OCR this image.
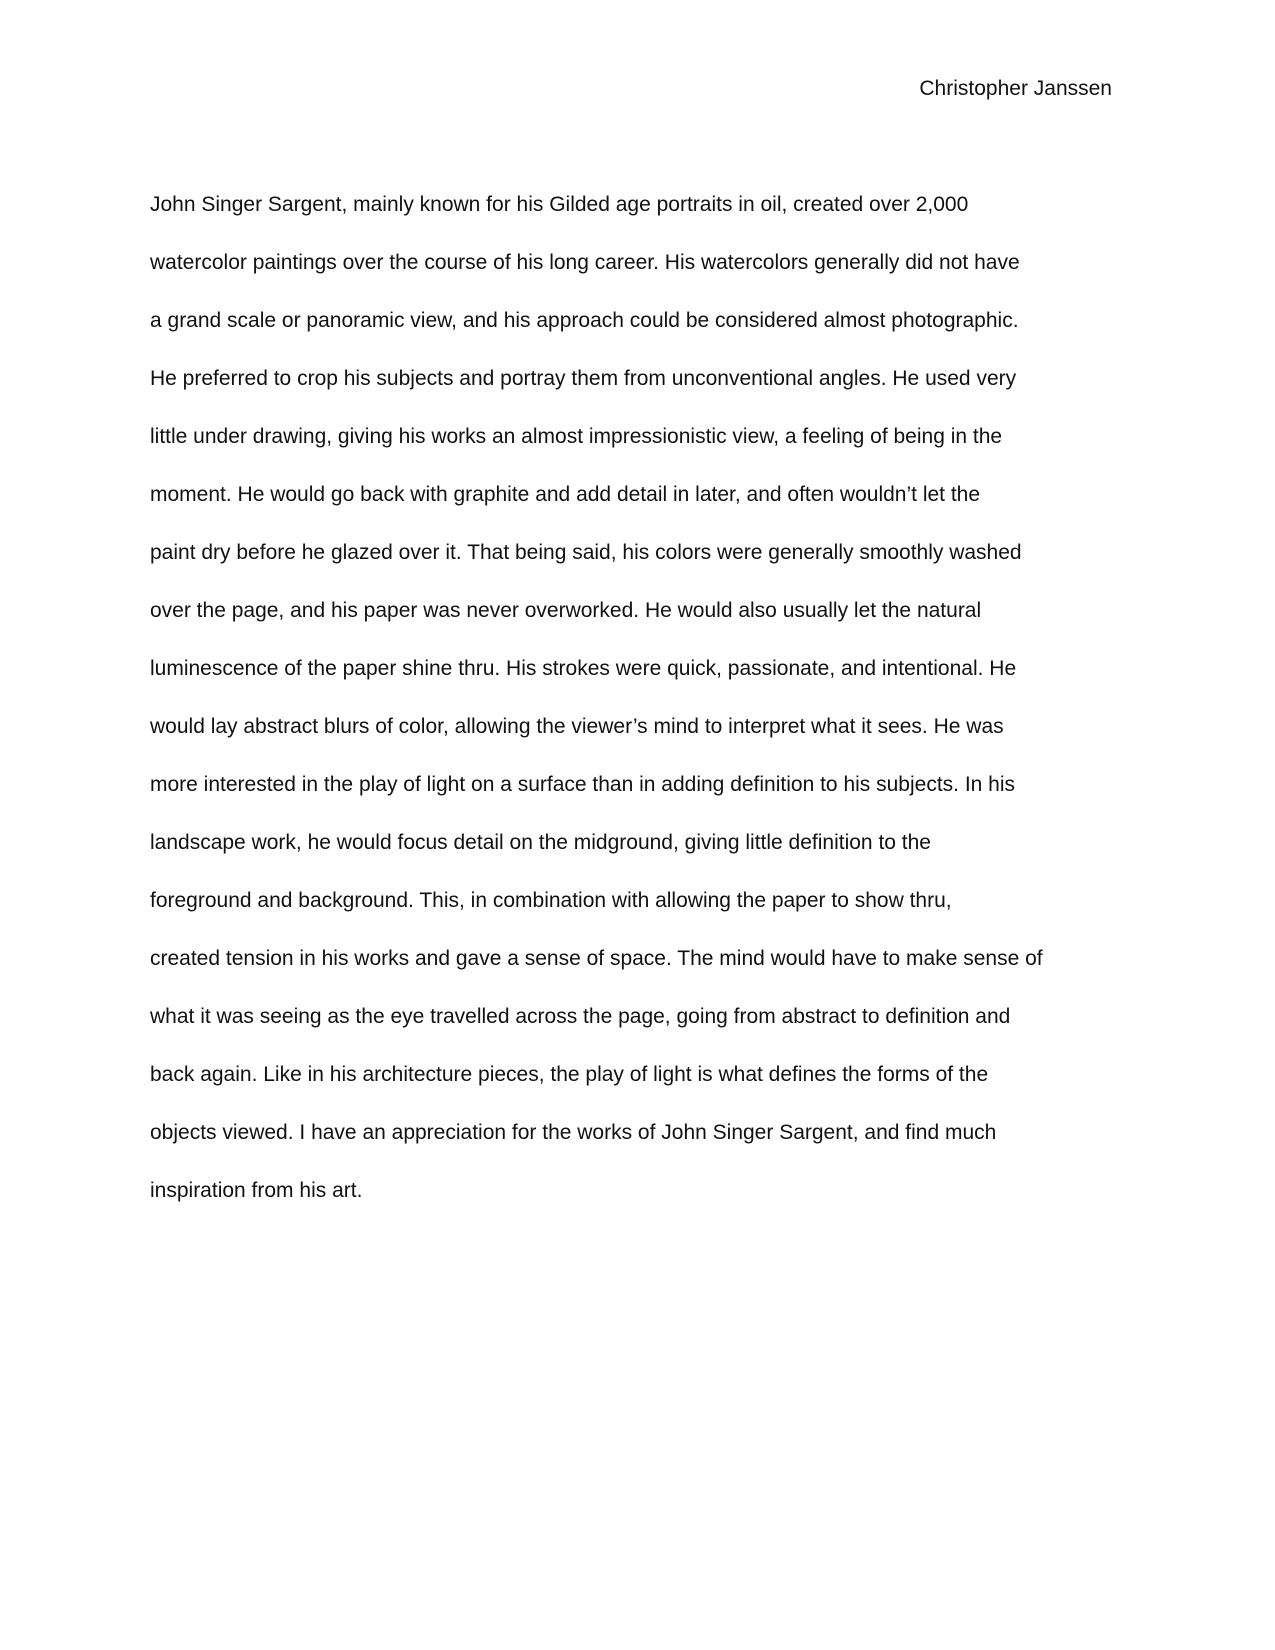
Christopher Janssen
John Singer Sargent, mainly known for his Gilded age portraits in oil, created over 2,000
watercolor paintings over the course of his long career. His watercolors generally did not have
a grand scale or panoramic view, and his approach could be considered almost photographic.
He preferred to crop his subjects and portray them from unconventional angles. He used very
little under drawing, giving his works an almost impressionistic view, a feeling of being in the
moment. He would go back with graphite and add detail in later, and often wouldn’t let the
paint dry before he glazed over it. That being said, his colors were generally smoothly washed
over the page, and his paper was never overworked. He would also usually let the natural
luminescence of the paper shine thru. His strokes were quick, passionate, and intentional. He
would lay abstract blurs of color, allowing the viewer’s mind to interpret what it sees. He was
more interested in the play of light on a surface than in adding definition to his subjects. In his
landscape work, he would focus detail on the midground, giving little definition to the
foreground and background. This, in combination with allowing the paper to show thru,
created tension in his works and gave a sense of space. The mind would have to make sense of
what it was seeing as the eye travelled across the page, going from abstract to definition and
back again. Like in his architecture pieces, the play of light is what defines the forms of the
objects viewed. I have an appreciation for the works of John Singer Sargent, and find much
inspiration from his art.
